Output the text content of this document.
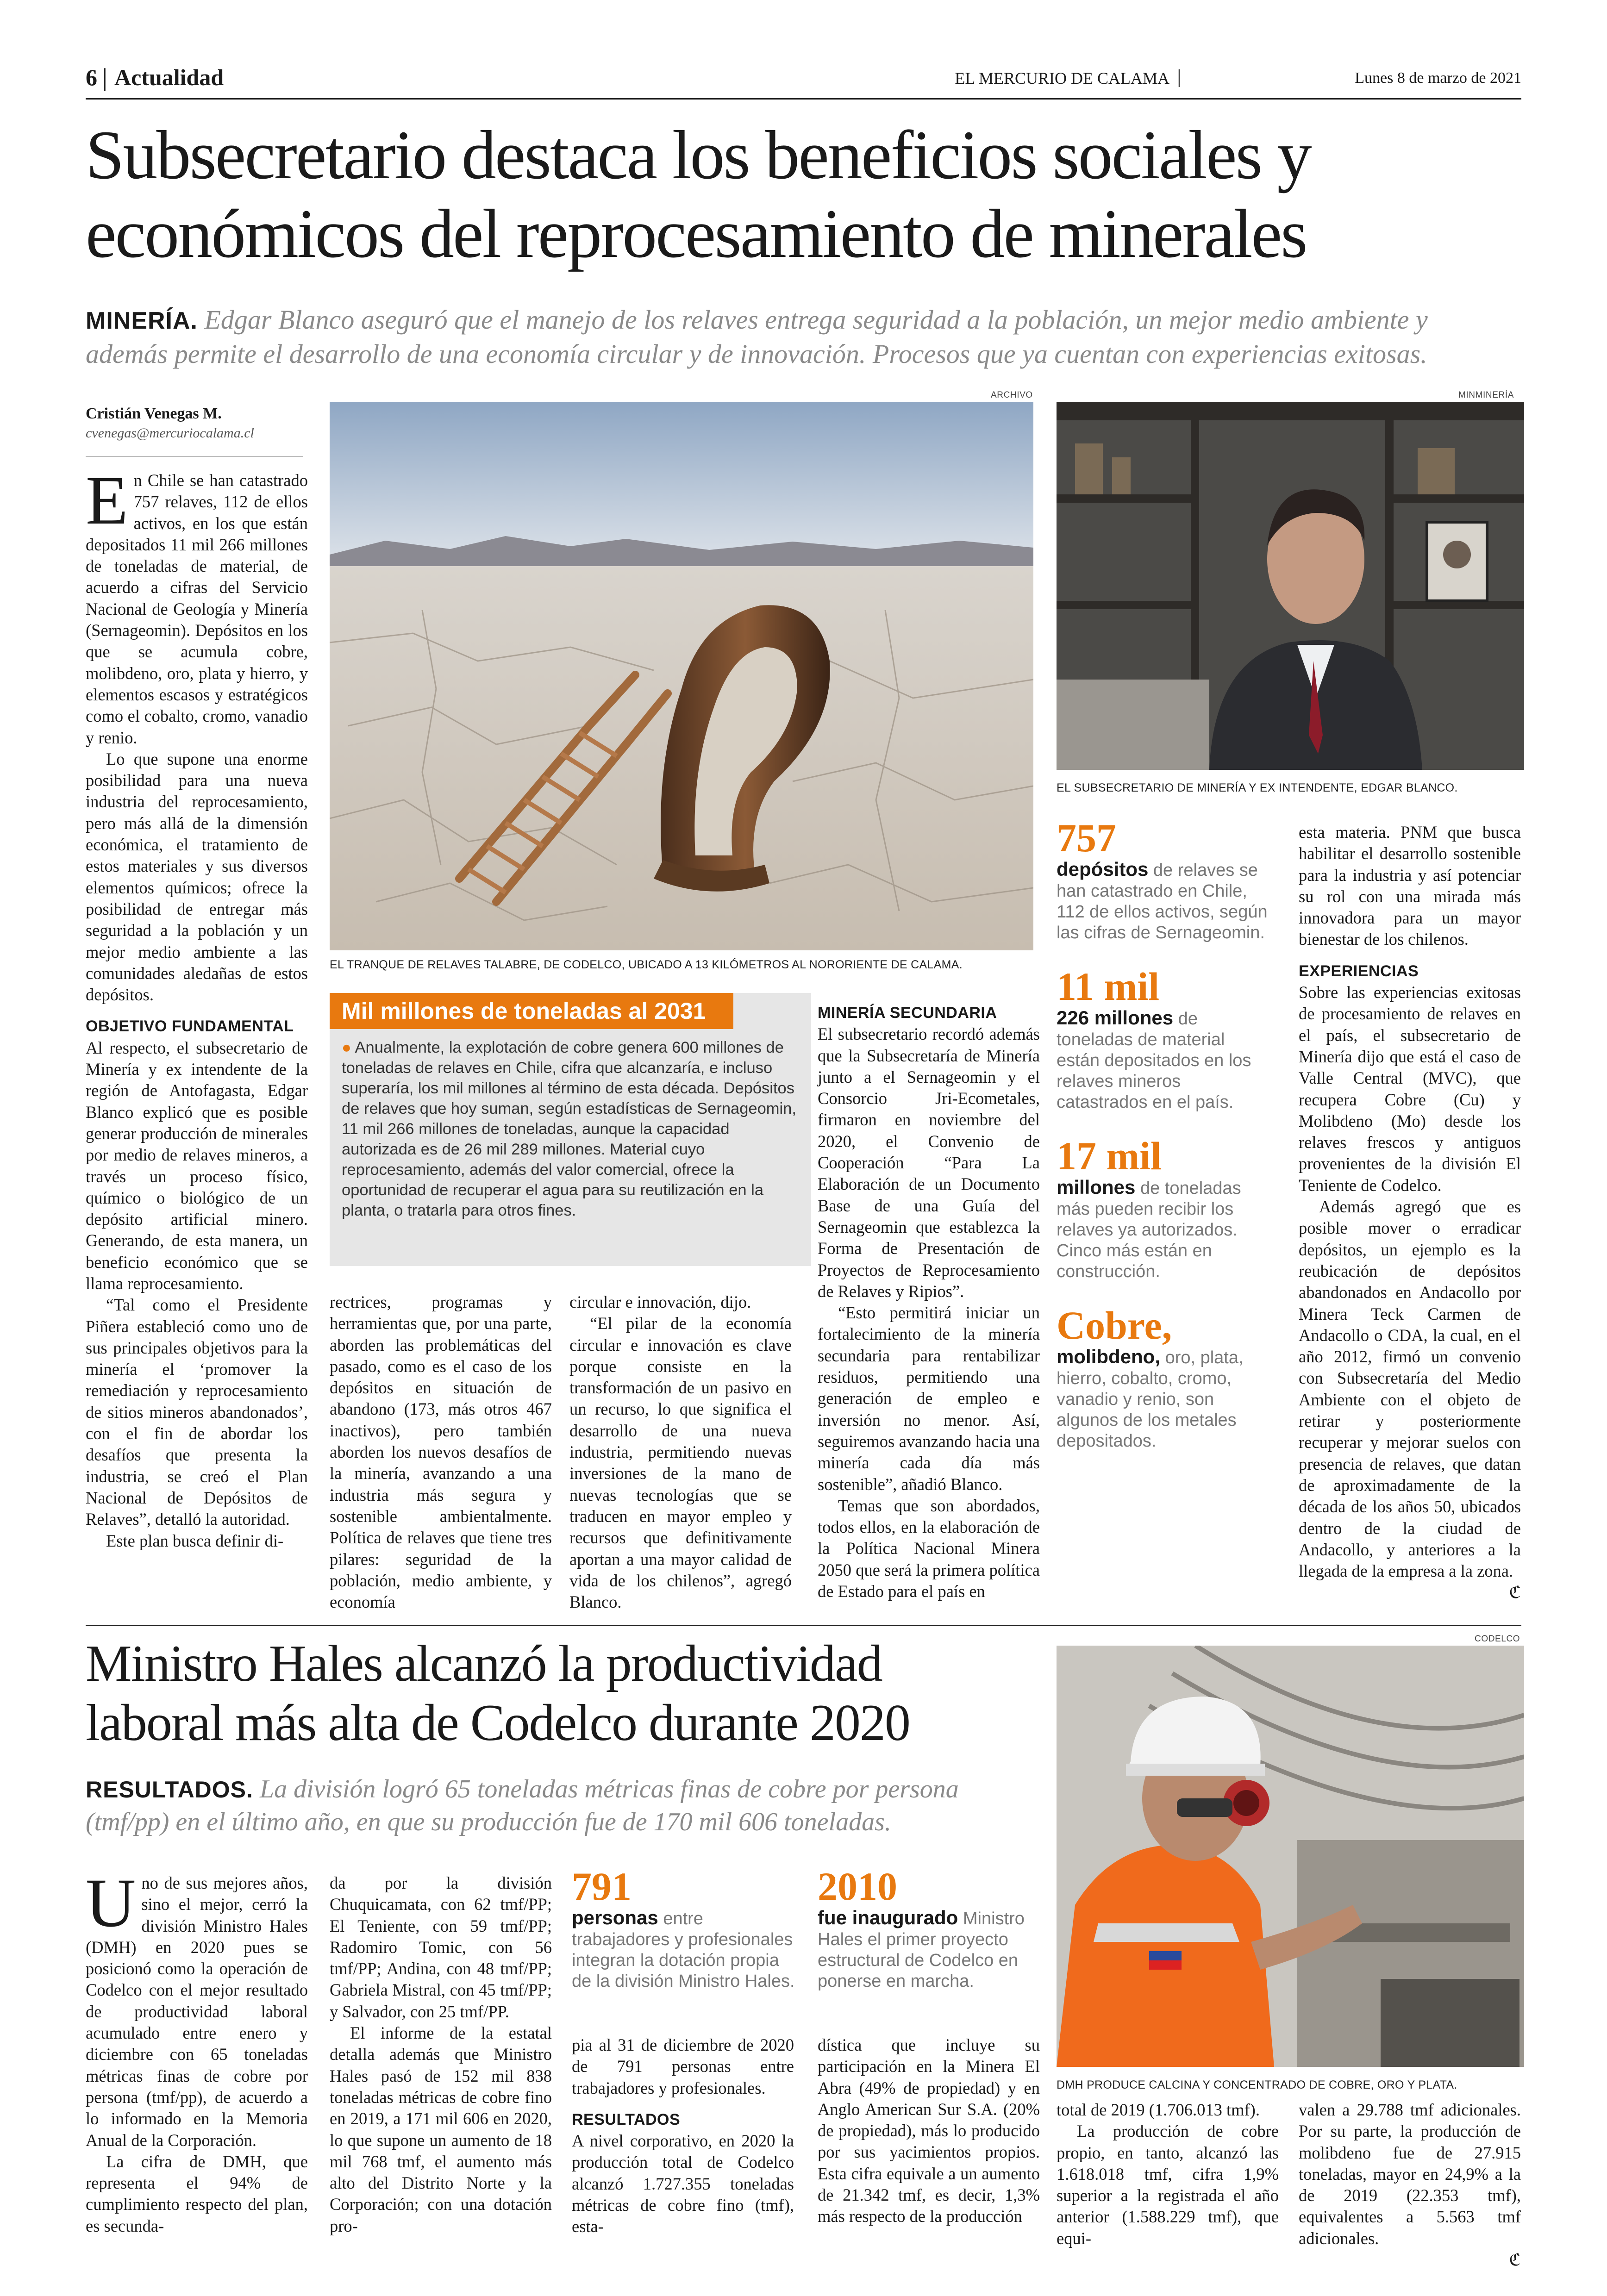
6 | Actualidad	EL MERCURIO DE CALAMA |	Lunes 8 de marzo de 2021
Subsecretario destaca los beneficios sociales y
económicos del reprocesamiento de minerales
MINERÍA. Edgar Blanco aseguró que el manejo de los relaves entrega seguridad a la población, un mejor medio ambiente y
además permite el desarrollo de una economía circular y de innovación. Procesos que ya cuentan con experiencias exitosas.
Cristián Venegas M.
cvenegas@mercuriocalama.cl
ARCHIVO
EL TRANQUE DE RELAVES TALABRE, DE CODELCO, UBICADO A 13 KILÓMETROS AL NORORIENTE DE CALAMA.
MINMINERÍA
EL SUBSECRETARIO DE MINERÍA Y EX INTENDENTE, EDGAR BLANCO.

En Chile se han catastrado 757 relaves, 112 de ellos activos, en los que están depositados 11 mil 266 millones de toneladas de material, de acuerdo a cifras del Servicio Nacional de Geología y Minería (Sernageomin). Depósitos en los que se acumula cobre, molibdeno, oro, plata y hierro, y elementos escasos y estratégicos como el cobalto, cromo, vanadio y renio.

Lo que supone una enorme posibilidad para una nueva industria del reprocesamiento, pero más allá de la dimensión económica, el tratamiento de estos materiales y sus diversos elementos químicos; ofrece la posibilidad de entregar más seguridad a la población y un mejor medio ambiente a las comunidades aledañas de estos depósitos.

OBJETIVO FUNDAMENTAL

Al respecto, el subsecretario de Minería y ex intendente de la región de Antofagasta, Edgar Blanco explicó que es posible generar producción de minerales por medio de relaves mineros, a través un proceso físico, químico o biológico de un depósito artificial minero. Generando, de esta manera, un beneficio económico que se llama reprocesamiento.

“Tal como el Presidente Piñera estableció como uno de sus principales objetivos para la minería el ‘promover la remediación y reprocesamiento de sitios mineros abandonados’, con el fin de abordar los desafíos que presenta la industria, se creó el Plan Nacional de Depósitos de Relaves”, detalló la autoridad.

Este plan busca definir di-

Mil millones de toneladas al 2031
● Anualmente, la explotación de cobre genera 600 millones de toneladas de relaves en Chile, cifra que alcanzaría, e incluso superaría, los mil millones al término de esta década. Depósitos de relaves que hoy suman, según estadísticas de Sernageomin, 11 mil 266 millones de toneladas, aunque la capacidad autorizada es de 26 mil 289 millones. Material cuyo reprocesamiento, además del valor comercial, ofrece la oportunidad de recuperar el agua para su reutilización en la planta, o tratarla para otros fines.

rectrices, programas y herramientas que, por una parte, aborden las problemáticas del pasado, como es el caso de los depósitos en situación de abandono (173, más otros 467 inactivos), pero también aborden los nuevos desafíos de la minería, avanzando a una industria más segura y sostenible ambientalmente. Política de relaves que tiene tres pilares: seguridad de la población, medio ambiente, y economía

circular e innovación, dijo.

“El pilar de la economía circular e innovación es clave porque consiste en la transformación de un pasivo en un recurso, lo que significa el desarrollo de una nueva industria, permitiendo nuevas inversiones de la mano de nuevas tecnologías que se traducen en mayor empleo y recursos que definitivamente aportan a una mayor calidad de vida de los chilenos”, agregó Blanco.

MINERÍA SECUNDARIA

El subsecretario recordó además que la Subsecretaría de Minería junto a el Sernageomin y el Consorcio Jri-Ecometales, firmaron en noviembre del 2020, el Convenio de Cooperación “Para La Elaboración de un Documento Base de una Guía del Sernageomin que establezca la Forma de Presentación de Proyectos de Reprocesamiento de Relaves y Ripios”.

“Esto permitirá iniciar un fortalecimiento de la minería secundaria para rentabilizar residuos, permitiendo una generación de empleo e inversión no menor. Así, seguiremos avanzando hacia una minería cada día más sostenible”, añadió Blanco.

Temas que son abordados, todos ellos, en la elaboración de la Política Nacional Minera 2050 que será la primera política de Estado para el país en

757
depósitos de relaves se han catastrado en Chile, 112 de ellos activos, según las cifras de Sernageomin.
11 mil
226 millones de toneladas de material están depositados en los relaves mineros catastrados en el país.
17 mil
millones de toneladas más pueden recibir los relaves ya autorizados. Cinco más están en construcción.
Cobre,
molibdeno, oro, plata, hierro, cobalto, cromo, vanadio y renio, son algunos de los metales depositados.

esta materia. PNM que busca habilitar el desarrollo sostenible para la industria y así potenciar su rol con una mirada más innovadora para un mayor bienestar de los chilenos.

EXPERIENCIAS

Sobre las experiencias exitosas de procesamiento de relaves en el país, el subsecretario de Minería dijo que está el caso de Valle Central (MVC), que recupera Cobre (Cu) y Molibdeno (Mo) desde los relaves frescos y antiguos provenientes de la división El Teniente de Codelco.

Además agregó que es posible mover o erradicar depósitos, un ejemplo es la reubicación de depósitos abandonados en Andacollo por Minera Teck Carmen de Andacollo o CDA, la cual, en el año 2012, firmó un convenio con Subsecretaría del Medio Ambiente con el objeto de retirar y posteriormente recuperar y mejorar suelos con presencia de relaves, que datan de aproximadamente de la década de los años 50, ubicados dentro de la ciudad de Andacollo, y anteriores a la llegada de la empresa a la zona.

ℭ

Ministro Hales alcanzó la productividad
laboral más alta de Codelco durante 2020
RESULTADOS. La división logró 65 toneladas métricas finas de cobre por persona
(tmf/pp) en el último año, en que su producción fue de 170 mil 606 toneladas.
CODELCO
DMH PRODUCE CALCINA Y CONCENTRADO DE COBRE, ORO Y PLATA.

Uno de sus mejores años, sino el mejor, cerró la división Ministro Hales (DMH) en 2020 pues se posicionó como la operación de Codelco con el mejor resultado de productividad laboral acumulado entre enero y diciembre con 65 toneladas métricas finas de cobre por persona (tmf/pp), de acuerdo a lo informado en la Memoria Anual de la Corporación.

La cifra de DMH, que representa el 94% de cumplimiento respecto del plan, es secunda-

da por la división Chuquicamata, con 62 tmf/PP; El Teniente, con 59 tmf/PP; Radomiro Tomic, con 56 tmf/PP; Andina, con 48 tmf/PP; Gabriela Mistral, con 45 tmf/PP; y Salvador, con 25 tmf/PP.

El informe de la estatal detalla además que Ministro Hales pasó de 152 mil 838 toneladas métricas de cobre fino en 2019, a 171 mil 606 en 2020, lo que supone un aumento de 18 mil 768 tmf, el aumento más alto del Distrito Norte y la Corporación; con una dotación pro-

791
personas entre trabajadores y profesionales integran la dotación propia de la división Ministro Hales.
2010
fue inaugurado Ministro Hales el primer proyecto estructural de Codelco en ponerse en marcha.

pia al 31 de diciembre de 2020 de 791 personas entre trabajadores y profesionales.

RESULTADOS

A nivel corporativo, en 2020 la producción total de Codelco alcanzó 1.727.355 toneladas métricas de cobre fino (tmf), esta-

dística que incluye su participación en la Minera El Abra (49% de propiedad) y en Anglo American Sur S.A. (20% de propiedad), más lo producido por sus yacimientos propios. Esta cifra equivale a un aumento de 21.342 tmf, es decir, 1,3% más respecto de la producción

total de 2019 (1.706.013 tmf).

La producción de cobre propio, en tanto, alcanzó las 1.618.018 tmf, cifra 1,9% superior a la registrada el año anterior (1.588.229 tmf), que equi-

valen a 29.788 tmf adicionales. Por su parte, la producción de molibdeno fue de 27.915 toneladas, mayor en 24,9% a la de 2019 (22.353 tmf), equivalentes a 5.563 tmf adicionales.

ℭ
